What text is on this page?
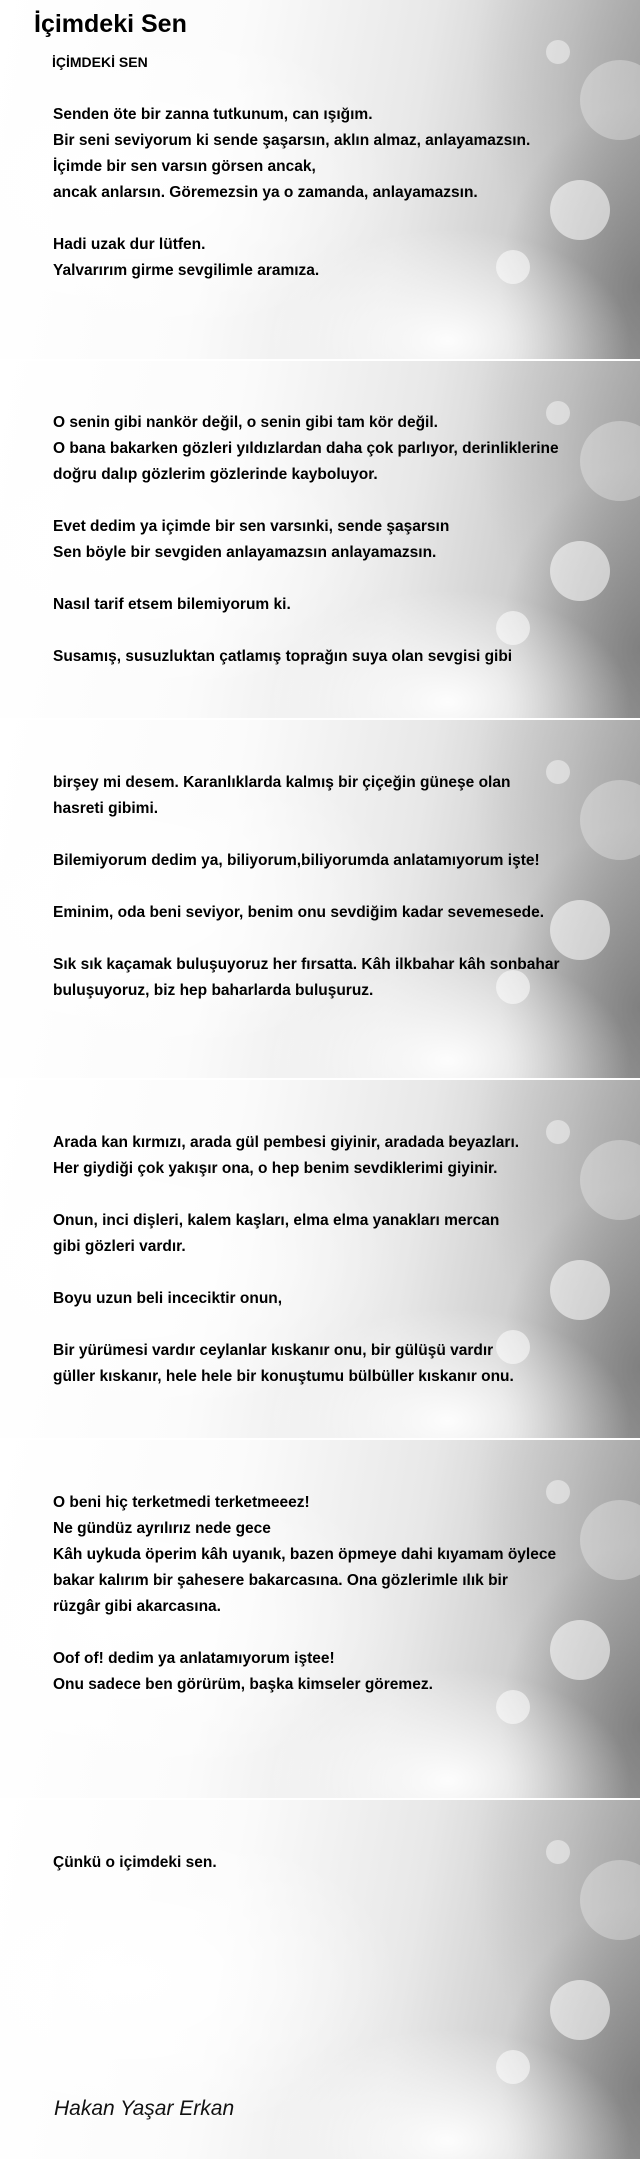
İçimdeki Sen

İÇİMDEKİ SEN

Senden öte bir zanna tutkunum, can ışığım.
Bir seni seviyorum ki sende şaşarsın, aklın almaz, anlayamazsın.
İçimde bir sen varsın görsen ancak,
ancak anlarsın. Göremezsin ya o zamanda, anlayamazsın.
Hadi uzak dur lütfen.
Yalvarırım girme sevgilimle aramıza.
O senin gibi nankör değil, o senin gibi tam kör değil.
O bana bakarken gözleri yıldızlardan daha çok parlıyor, derinliklerine
doğru dalıp gözlerim gözlerinde kayboluyor.
Evet dedim ya içimde bir sen varsınki, sende şaşarsın
Sen böyle bir sevgiden anlayamazsın anlayamazsın.
Nasıl tarif etsem bilemiyorum ki.
Susamış, susuzluktan çatlamış toprağın suya olan sevgisi gibi
birşey mi desem. Karanlıklarda kalmış bir çiçeğin güneşe olan
hasreti gibimi.
Bilemiyorum dedim ya, biliyorum,biliyorumda anlatamıyorum işte!
Eminim, oda beni seviyor, benim onu sevdiğim kadar sevemesede.
Sık sık kaçamak buluşuyoruz her fırsatta. Kâh ilkbahar kâh sonbahar
buluşuyoruz, biz hep baharlarda buluşuruz.
Arada kan kırmızı, arada gül pembesi giyinir, aradada beyazları.
Her giydiği çok yakışır ona, o hep benim sevdiklerimi giyinir.
Onun, inci dişleri, kalem kaşları, elma elma yanakları mercan
gibi gözleri vardır.
Boyu uzun beli inceciktir onun,
Bir yürümesi vardır ceylanlar kıskanır onu, bir gülüşü vardır
güller kıskanır, hele hele bir konuştumu bülbüller kıskanır onu.
O beni hiç terketmedi terketmeeez!
Ne gündüz ayrılırız nede gece
Kâh uykuda öperim kâh uyanık, bazen öpmeye dahi kıyamam öylece
bakar kalırım bir şahesere bakarcasına. Ona gözlerimle ılık bir
rüzgâr gibi akarcasına.
Oof of! dedim ya anlatamıyorum iştee!
Onu sadece ben görürüm, başka kimseler göremez.
Çünkü o içimdeki sen.

Hakan Yaşar Erkan
